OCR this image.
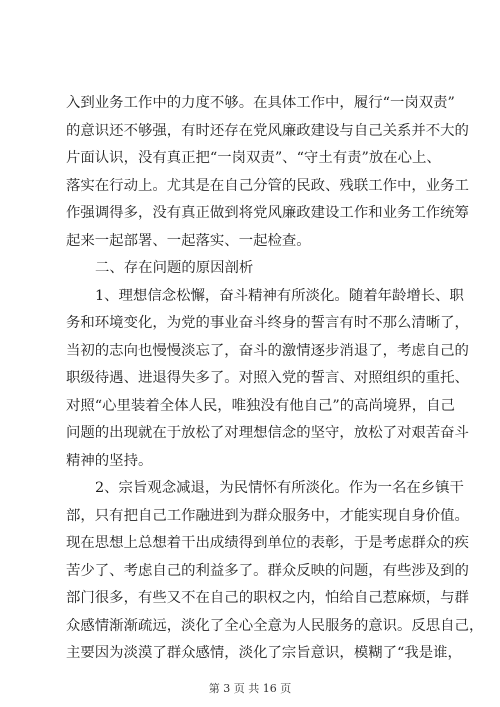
入到业务工作中的力度不够。在具体工作中，履行“一岗双责”
的意识还不够强，有时还存在党风廉政建设与自己关系并不大的
片面认识，没有真正把“一岗双责”、“守土有责”放在心上、
落实在行动上。尤其是在自己分管的民政、残联工作中，业务工
作强调得多，没有真正做到将党风廉政建设工作和业务工作统筹
起来一起部署、一起落实、一起检查。
二、存在问题的原因剖析
1、理想信念松懈，奋斗精神有所淡化。随着年龄增长、职
务和环境变化，为党的事业奋斗终身的誓言有时不那么清晰了，
当初的志向也慢慢淡忘了，奋斗的激情逐步消退了，考虑自己的
职级待遇、进退得失多了。对照入党的誓言、对照组织的重托、
对照“心里装着全体人民，唯独没有他自己”的高尚境界，自己
问题的出现就在于放松了对理想信念的坚守，放松了对艰苦奋斗
精神的坚持。
2、宗旨观念减退，为民情怀有所淡化。作为一名在乡镇干
部，只有把自己工作融进到为群众服务中，才能实现自身价值。
现在思想上总想着干出成绩得到单位的表彰，于是考虑群众的疾
苦少了、考虑自己的利益多了。群众反映的问题，有些涉及到的
部门很多，有些又不在自己的职权之内，怕给自己惹麻烦，与群
众感情渐渐疏远，淡化了全心全意为人民服务的意识。反思自己，
主要因为淡漠了群众感情，淡化了宗旨意识，模糊了“我是谁，
第 3 页 共 16 页
